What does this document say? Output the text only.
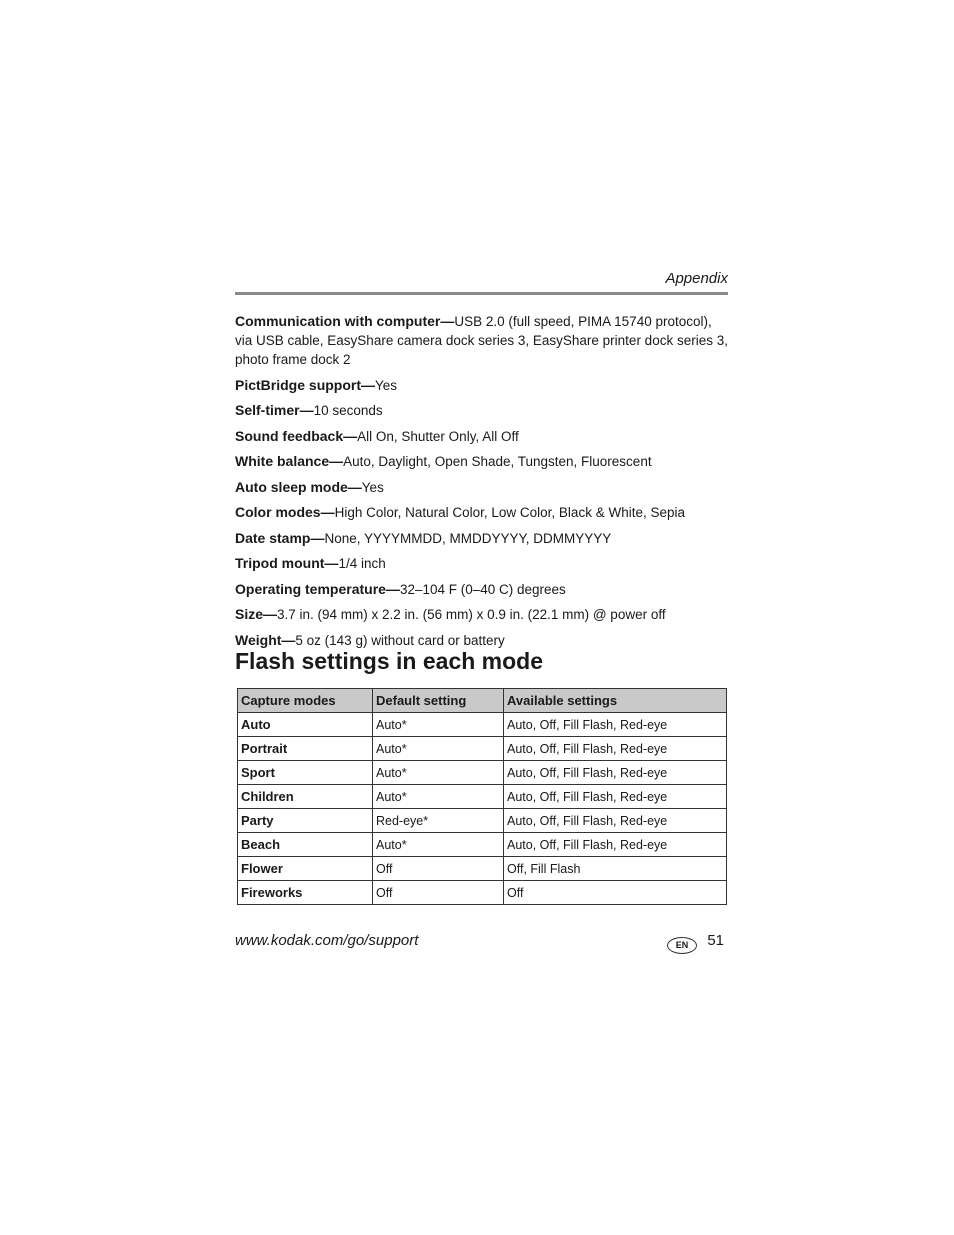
Appendix

Communication with computer—USB 2.0 (full speed, PIMA 15740 protocol), via USB cable, EasyShare camera dock series 3, EasyShare printer dock series 3, photo frame dock 2

PictBridge support—Yes

Self-timer—10 seconds

Sound feedback—All On, Shutter Only, All Off

White balance—Auto, Daylight, Open Shade, Tungsten, Fluorescent

Auto sleep mode—Yes

Color modes—High Color, Natural Color, Low Color, Black & White, Sepia

Date stamp—None, YYYYMMDD, MMDDYYYY, DDMMYYYY

Tripod mount—1/4 inch

Operating temperature—32–104 F (0–40 C) degrees

Size—3.7 in. (94 mm) x 2.2 in. (56 mm) x 0.9 in. (22.1 mm) @ power off

Weight—5 oz (143 g) without card or battery

Flash settings in each mode
Capture modes	Default setting	Available settings
Auto	Auto*	Auto, Off, Fill Flash, Red-eye
Portrait	Auto*	Auto, Off, Fill Flash, Red-eye
Sport	Auto*	Auto, Off, Fill Flash, Red-eye
Children	Auto*	Auto, Off, Fill Flash, Red-eye
Party	Red-eye*	Auto, Off, Fill Flash, Red-eye
Beach	Auto*	Auto, Off, Fill Flash, Red-eye
Flower	Off	Off, Fill Flash
Fireworks	Off	Off
www.kodak.com/go/support	EN	51
